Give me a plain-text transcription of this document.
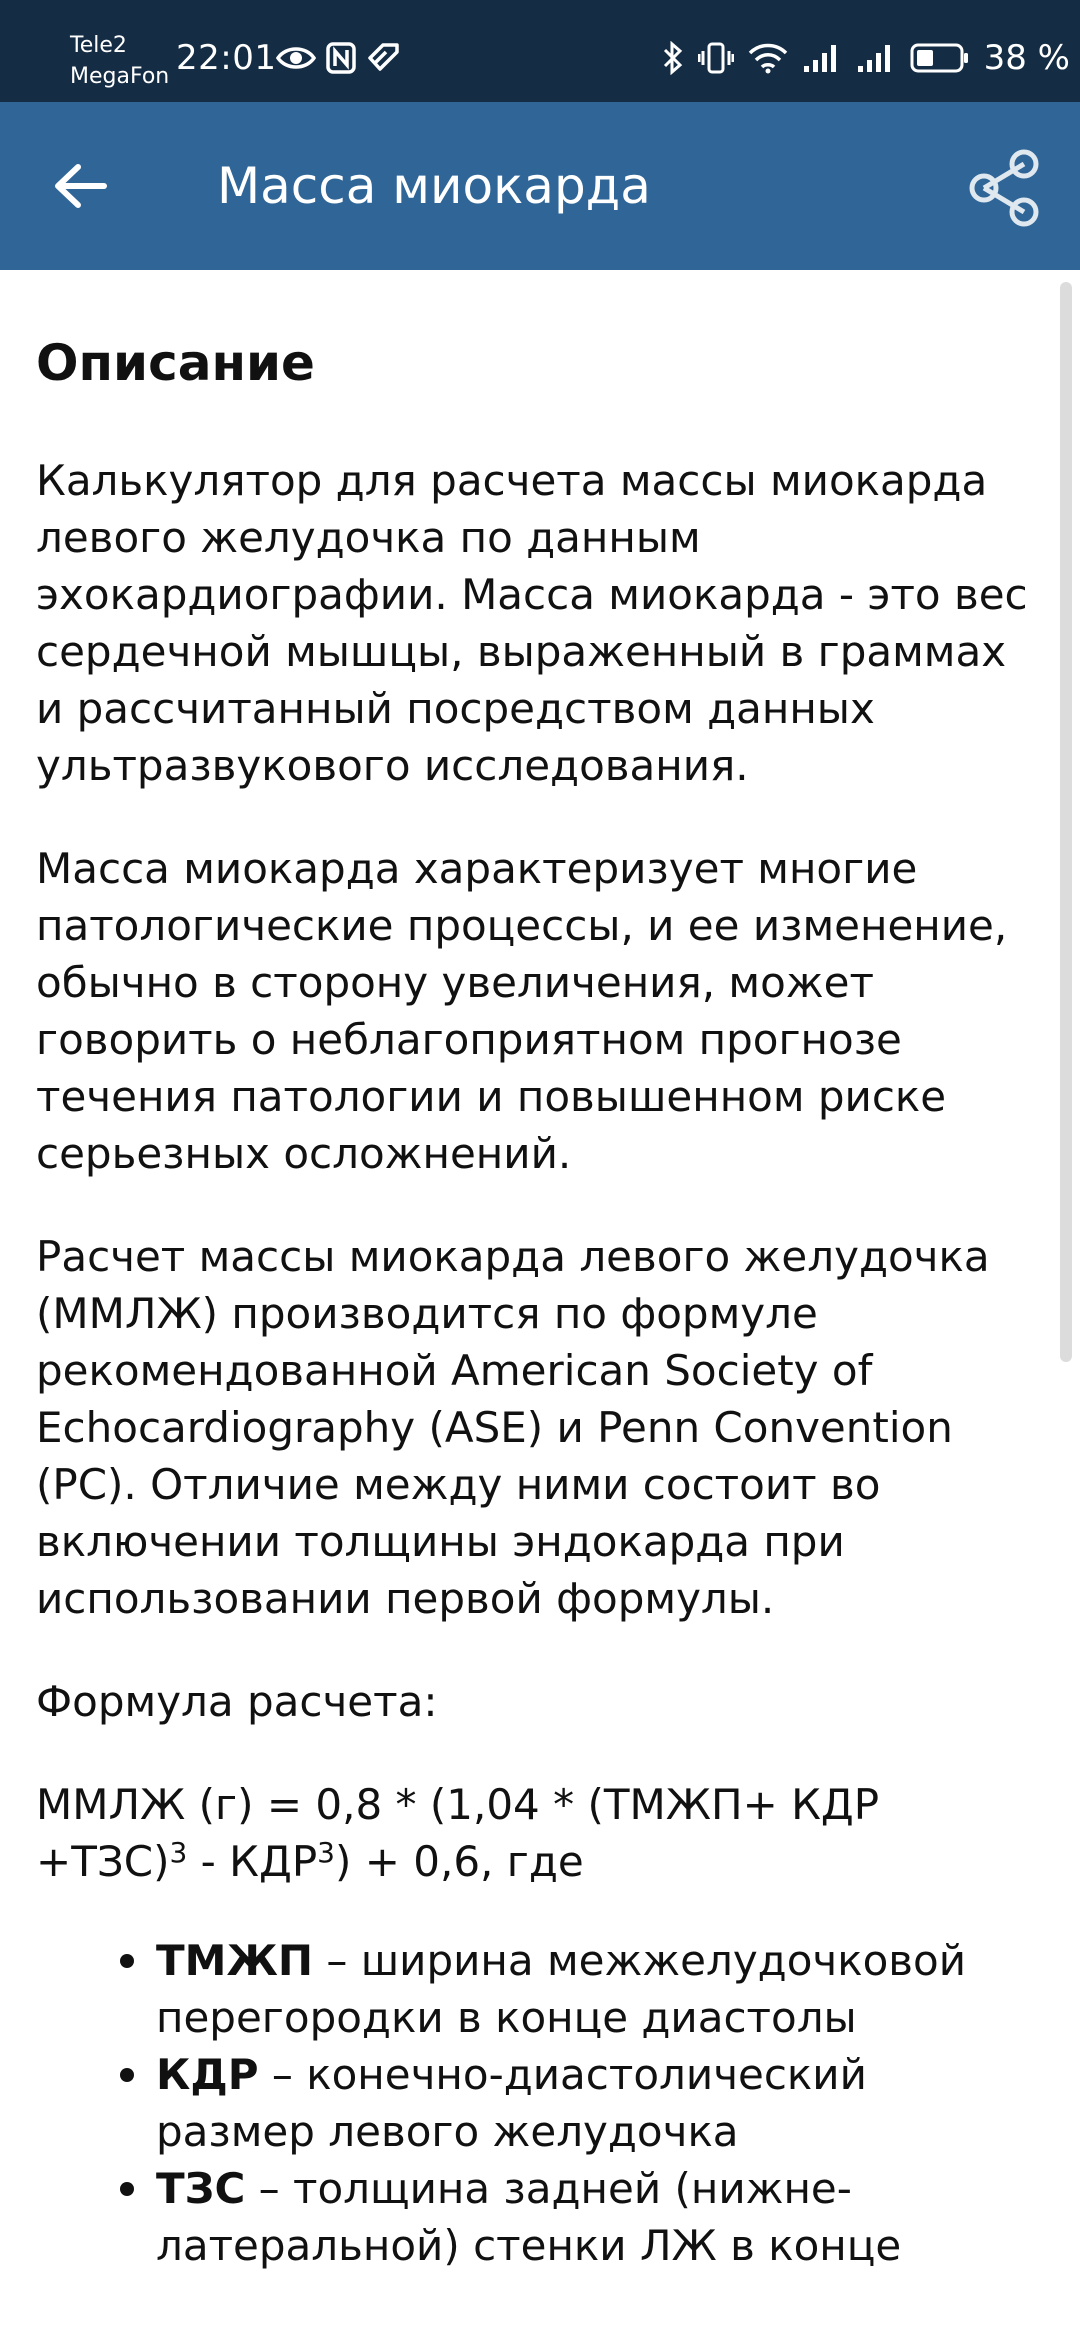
Tele2
MegaFon 22:01	38 %
Масса миокарда
Описание

Калькулятор для расчета массы миокарда левого желудочка по данным эхокардиографии. Масса миокарда - это вес сердечной мышцы, выраженный в граммах и рассчитанный посредством данных ультразвукового исследования.

Масса миокарда характеризует многие патологические процессы, и ее изменение, обычно в сторону увеличения, может говорить о неблагоприятном прогнозе течения патологии и повышенном риске серьезных осложнений.

Расчет массы миокарда левого желудочка (ММЛЖ) производится по формуле рекомендованной American Society of Echocardiography (ASE) и Penn Convention (PC). Отличие между ними состоит во включении толщины эндокарда при использовании первой формулы.

Формула расчета:

ММЛЖ (г) = 0,8 * (1,04 * (ТМЖП+ КДР $+ТЗС)^3 - КДР^3) + 0,6$, где

ТМЖП – ширина межжелудочковой перегородки в конце диастолы
КДР – конечно-диастолический размер левого желудочка
ТЗС – толщина задней (нижне-латеральной) стенки ЛЖ в конце
